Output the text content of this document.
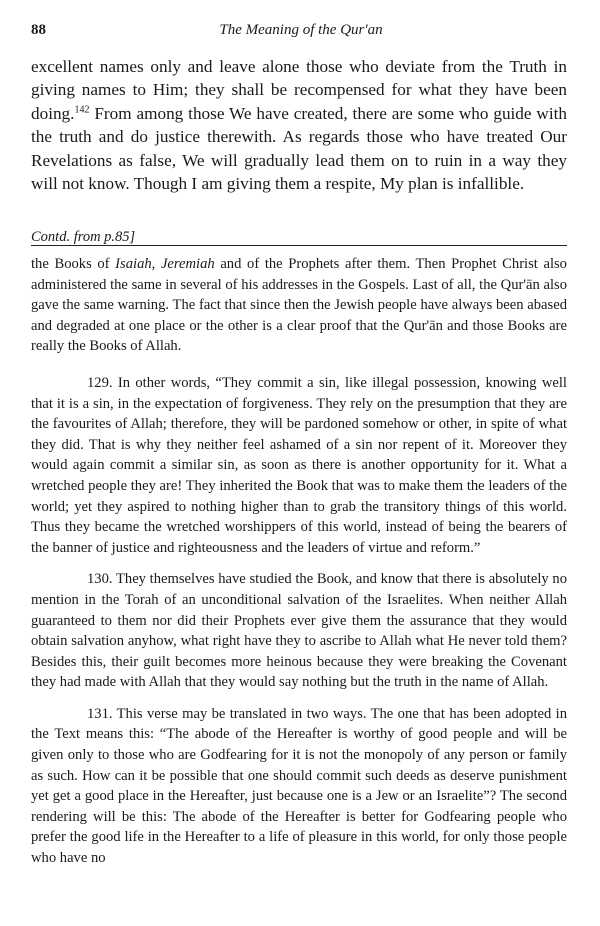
88	The Meaning of the Qur'an

excellent names only and leave alone those who deviate from the Truth in giving names to Him; they shall be recompensed for what they have been doing.$^{142}$ From among those We have created, there are some who guide with the truth and do justice therewith. As regards those who have treated Our Revelations as false, We will gradually lead them on to ruin in a way they will not know. Though I am giving them a respite, My plan is infallible.

Contd. from p.85]

the Books of Isaiah, Jeremiah and of the Prophets after them. Then Prophet Christ also administered the same in several of his addresses in the Gospels. Last of all, the Qur'ān also gave the same warning. The fact that since then the Jewish people have always been abased and degraded at one place or the other is a clear proof that the Qur'ān and those Books are really the Books of Allah.

129. In other words, “They commit a sin, like illegal possession, knowing well that it is a sin, in the expectation of forgiveness. They rely on the presumption that they are the favourites of Allah; therefore, they will be pardoned somehow or other, in spite of what they did. That is why they neither feel ashamed of a sin nor repent of it. Moreover they would again commit a similar sin, as soon as there is another opportunity for it. What a wretched people they are! They inherited the Book that was to make them the leaders of the world; yet they aspired to nothing higher than to grab the transitory things of this world. Thus they became the wretched worshippers of this world, instead of being the bearers of the banner of justice and righteousness and the leaders of virtue and reform.”

130. They themselves have studied the Book, and know that there is absolutely no mention in the Torah of an unconditional salvation of the Israelites. When neither Allah guaranteed to them nor did their Prophets ever give them the assurance that they would obtain salvation anyhow, what right have they to ascribe to Allah what He never told them? Besides this, their guilt becomes more heinous because they were breaking the Covenant they had made with Allah that they would say nothing but the truth in the name of Allah.

131. This verse may be translated in two ways. The one that has been adopted in the Text means this: “The abode of the Hereafter is worthy of good people and will be given only to those who are Godfearing for it is not the monopoly of any person or family as such. How can it be possible that one should commit such deeds as deserve punishment yet get a good place in the Hereafter, just because one is a Jew or an Israelite”? The second rendering will be this: The abode of the Hereafter is better for Godfearing people who prefer the good life in the Hereafter to a life of pleasure in this world, for only those people who have no
